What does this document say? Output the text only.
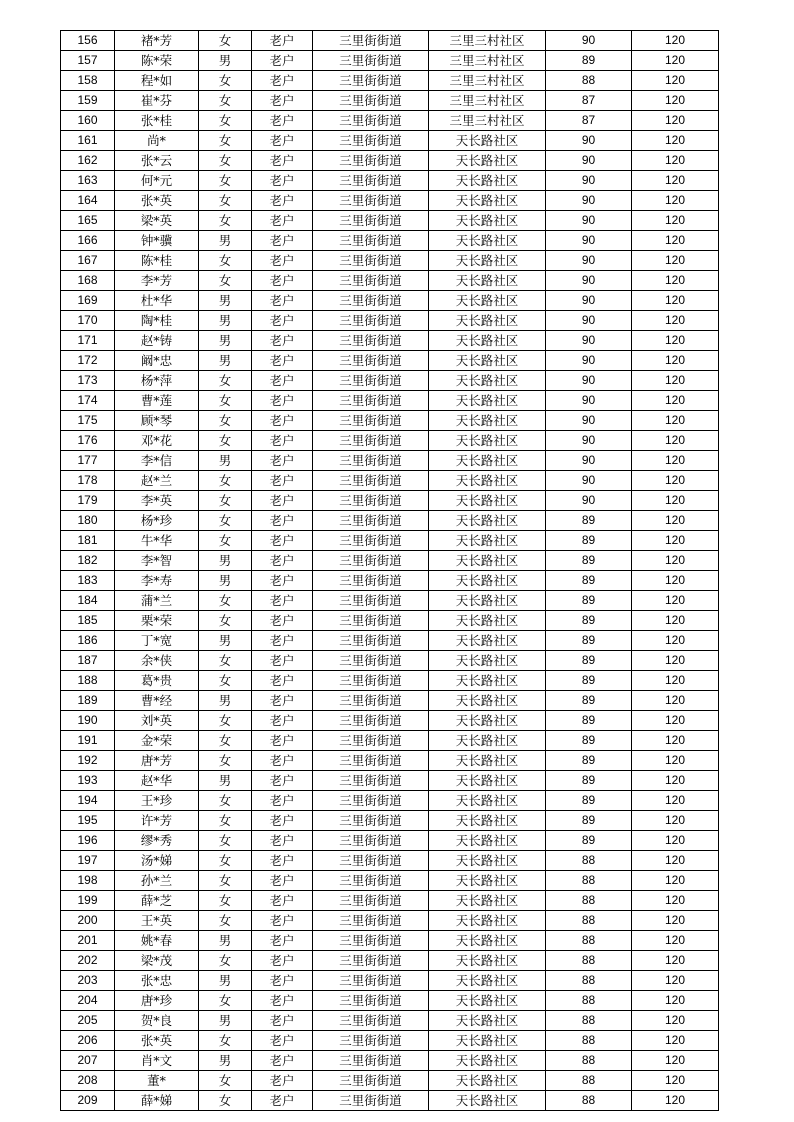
156	褚*芳	女	老户	三里街街道	三里三村社区	90	120
157	陈*荣	男	老户	三里街街道	三里三村社区	89	120
158	程*如	女	老户	三里街街道	三里三村社区	88	120
159	崔*芬	女	老户	三里街街道	三里三村社区	87	120
160	张*桂	女	老户	三里街街道	三里三村社区	87	120
161	尚*	女	老户	三里街街道	天长路社区	90	120
162	张*云	女	老户	三里街街道	天长路社区	90	120
163	何*元	女	老户	三里街街道	天长路社区	90	120
164	张*英	女	老户	三里街街道	天长路社区	90	120
165	梁*英	女	老户	三里街街道	天长路社区	90	120
166	钟*骥	男	老户	三里街街道	天长路社区	90	120
167	陈*桂	女	老户	三里街街道	天长路社区	90	120
168	李*芳	女	老户	三里街街道	天长路社区	90	120
169	杜*华	男	老户	三里街街道	天长路社区	90	120
170	陶*桂	男	老户	三里街街道	天长路社区	90	120
171	赵*铸	男	老户	三里街街道	天长路社区	90	120
172	阚*忠	男	老户	三里街街道	天长路社区	90	120
173	杨*萍	女	老户	三里街街道	天长路社区	90	120
174	曹*莲	女	老户	三里街街道	天长路社区	90	120
175	顾*琴	女	老户	三里街街道	天长路社区	90	120
176	邓*花	女	老户	三里街街道	天长路社区	90	120
177	李*信	男	老户	三里街街道	天长路社区	90	120
178	赵*兰	女	老户	三里街街道	天长路社区	90	120
179	李*英	女	老户	三里街街道	天长路社区	90	120
180	杨*珍	女	老户	三里街街道	天长路社区	89	120
181	牛*华	女	老户	三里街街道	天长路社区	89	120
182	李*智	男	老户	三里街街道	天长路社区	89	120
183	李*寿	男	老户	三里街街道	天长路社区	89	120
184	蒲*兰	女	老户	三里街街道	天长路社区	89	120
185	栗*荣	女	老户	三里街街道	天长路社区	89	120
186	丁*宽	男	老户	三里街街道	天长路社区	89	120
187	余*侠	女	老户	三里街街道	天长路社区	89	120
188	葛*贵	女	老户	三里街街道	天长路社区	89	120
189	曹*经	男	老户	三里街街道	天长路社区	89	120
190	刘*英	女	老户	三里街街道	天长路社区	89	120
191	金*荣	女	老户	三里街街道	天长路社区	89	120
192	唐*芳	女	老户	三里街街道	天长路社区	89	120
193	赵*华	男	老户	三里街街道	天长路社区	89	120
194	王*珍	女	老户	三里街街道	天长路社区	89	120
195	许*芳	女	老户	三里街街道	天长路社区	89	120
196	缪*秀	女	老户	三里街街道	天长路社区	89	120
197	汤*娣	女	老户	三里街街道	天长路社区	88	120
198	孙*兰	女	老户	三里街街道	天长路社区	88	120
199	薛*芝	女	老户	三里街街道	天长路社区	88	120
200	王*英	女	老户	三里街街道	天长路社区	88	120
201	姚*春	男	老户	三里街街道	天长路社区	88	120
202	梁*茂	女	老户	三里街街道	天长路社区	88	120
203	张*忠	男	老户	三里街街道	天长路社区	88	120
204	唐*珍	女	老户	三里街街道	天长路社区	88	120
205	贺*良	男	老户	三里街街道	天长路社区	88	120
206	张*英	女	老户	三里街街道	天长路社区	88	120
207	肖*文	男	老户	三里街街道	天长路社区	88	120
208	董*	女	老户	三里街街道	天长路社区	88	120
209	薛*娣	女	老户	三里街街道	天长路社区	88	120
